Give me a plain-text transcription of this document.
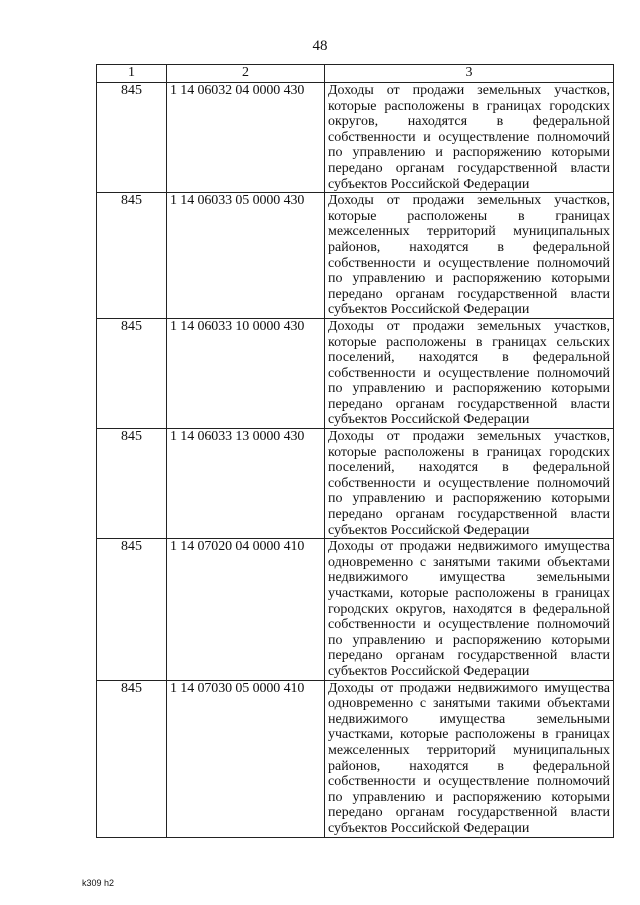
48
1	2	3
845	1 14 06032 04 0000 430	Доходы от продажи земельных участков, которые расположены в границах городских округов, находятся в федеральной собственности и осуществление полномочий по управлению и распоряжению которыми передано органам государственной власти субъектов Российской Федерации
845	1 14 06033 05 0000 430	Доходы от продажи земельных участков, которые расположены в границах межселенных территорий муниципальных районов, находятся в федеральной собственности и осуществление полномочий по управлению и распоряжению которыми передано органам государственной власти субъектов Российской Федерации
845	1 14 06033 10 0000 430	Доходы от продажи земельных участков, которые расположены в границах сельских поселений, находятся в федеральной собственности и осуществление полномочий по управлению и распоряжению которыми передано органам государственной власти субъектов Российской Федерации
845	1 14 06033 13 0000 430	Доходы от продажи земельных участков, которые расположены в границах городских поселений, находятся в федеральной собственности и осуществление полномочий по управлению и распоряжению которыми передано органам государственной власти субъектов Российской Федерации
845	1 14 07020 04 0000 410	Доходы от продажи недвижимого имущества одновременно с занятыми такими объектами недвижимого имущества земельными участками, которые расположены в границах городских округов, находятся в федеральной собственности и осуществление полномочий по управлению и распоряжению которыми передано органам государственной власти субъектов Российской Федерации
845	1 14 07030 05 0000 410	Доходы от продажи недвижимого имущества одновременно с занятыми такими объектами недвижимого имущества земельными участками, которые расположены в границах межселенных территорий муниципальных районов, находятся в федеральной собственности и осуществление полномочий по управлению и распоряжению которыми передано органам государственной власти субъектов Российской Федерации
k309 h2
